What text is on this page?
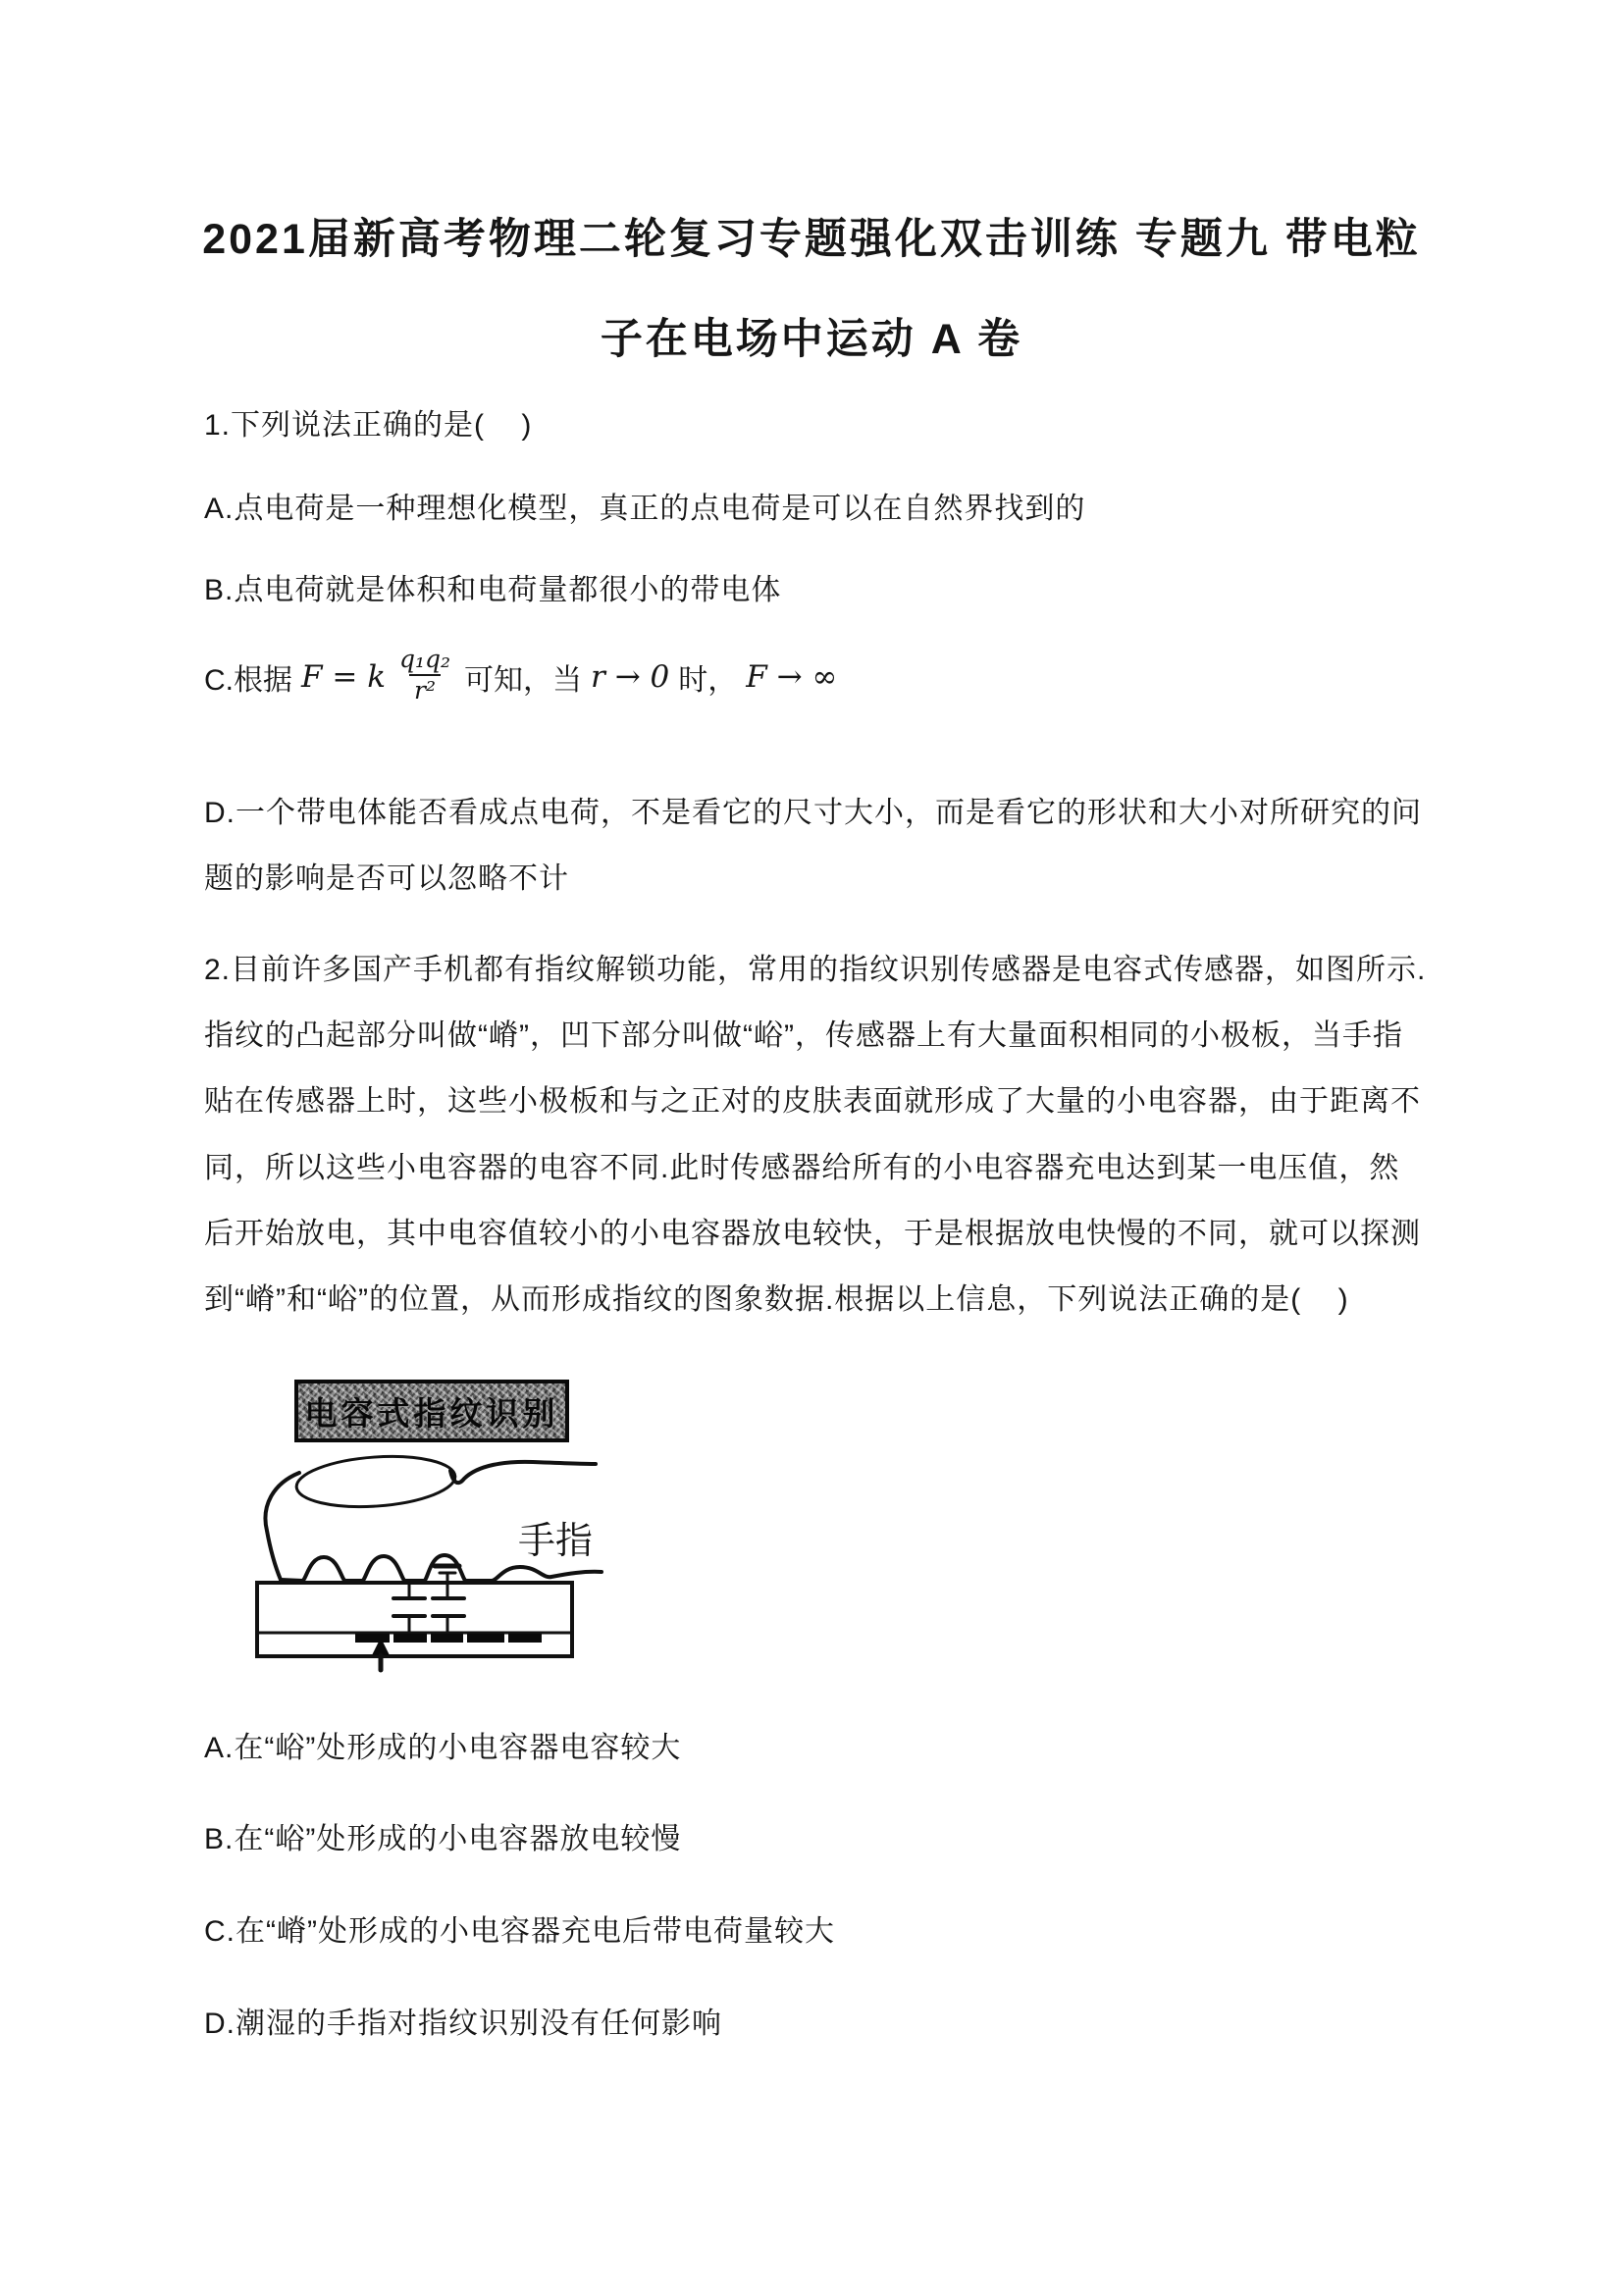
2021届新高考物理二轮复习专题强化双击训练 专题九 带电粒
子在电场中运动 A 卷
1.下列说法正确的是(    )
A.点电荷是一种理想化模型，真正的点电荷是可以在自然界找到的
B.点电荷就是体积和电荷量都很小的带电体
C.根据 F = k $\frac{\text{q₁q₂}}{\text{r²}}$ 可知，当 r → 0 时， F → ∞
D.一个带电体能否看成点电荷，不是看它的尺寸大小，而是看它的形状和大小对所研究的问
题的影响是否可以忽略不计
2.目前许多国产手机都有指纹解锁功能，常用的指纹识别传感器是电容式传感器，如图所示.
指纹的凸起部分叫做“嵴”，凹下部分叫做“峪”，传感器上有大量面积相同的小极板，当手指
贴在传感器上时，这些小极板和与之正对的皮肤表面就形成了大量的小电容器，由于距离不
同，所以这些小电容器的电容不同.此时传感器给所有的小电容器充电达到某一电压值，然
后开始放电，其中电容值较小的小电容器放电较快，于是根据放电快慢的不同，就可以探测
到“嵴”和“峪”的位置，从而形成指纹的图象数据.根据以上信息，下列说法正确的是(    )
电容式指纹识别
手指
A.在“峪”处形成的小电容器电容较大
B.在“峪”处形成的小电容器放电较慢
C.在“嵴”处形成的小电容器充电后带电荷量较大
D.潮湿的手指对指纹识别没有任何影响
